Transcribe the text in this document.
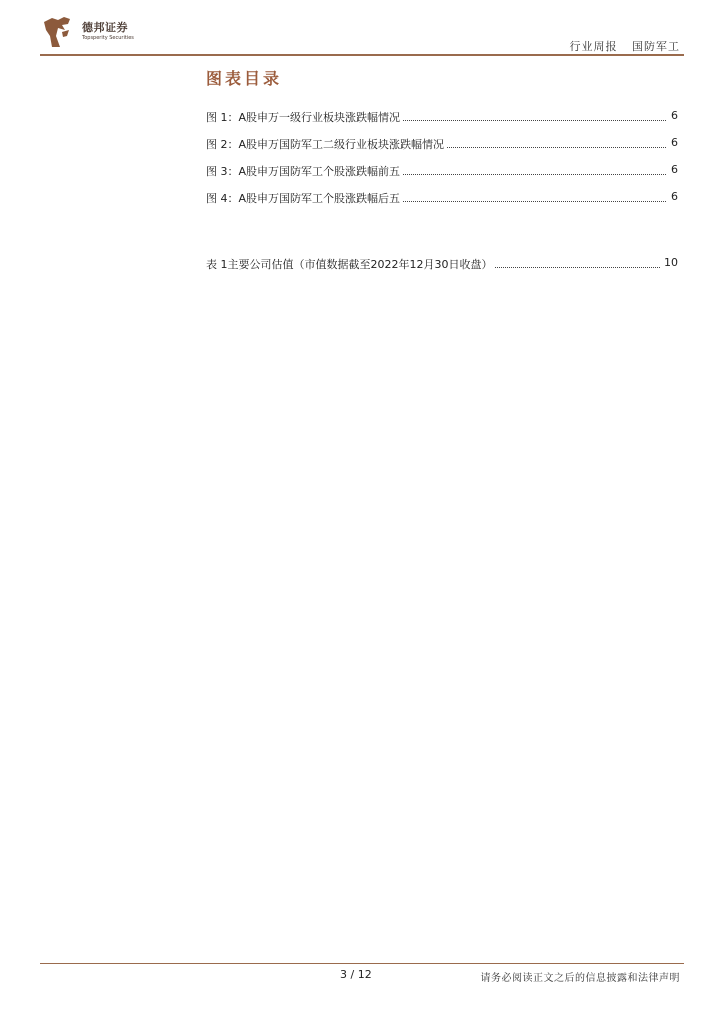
德邦证券
Topsperity Securities
行业周报 国防军工
图表目录
图 1：A股申万一级行业板块涨跌幅情况	6
图 2：A股申万国防军工二级行业板块涨跌幅情况	6
图 3：A股申万国防军工个股涨跌幅前五	6
图 4：A股申万国防军工个股涨跌幅后五	6
表 1主要公司估值（市值数据截至2022年12月30日收盘）	10
3 / 12	请务必阅读正文之后的信息披露和法律声明
